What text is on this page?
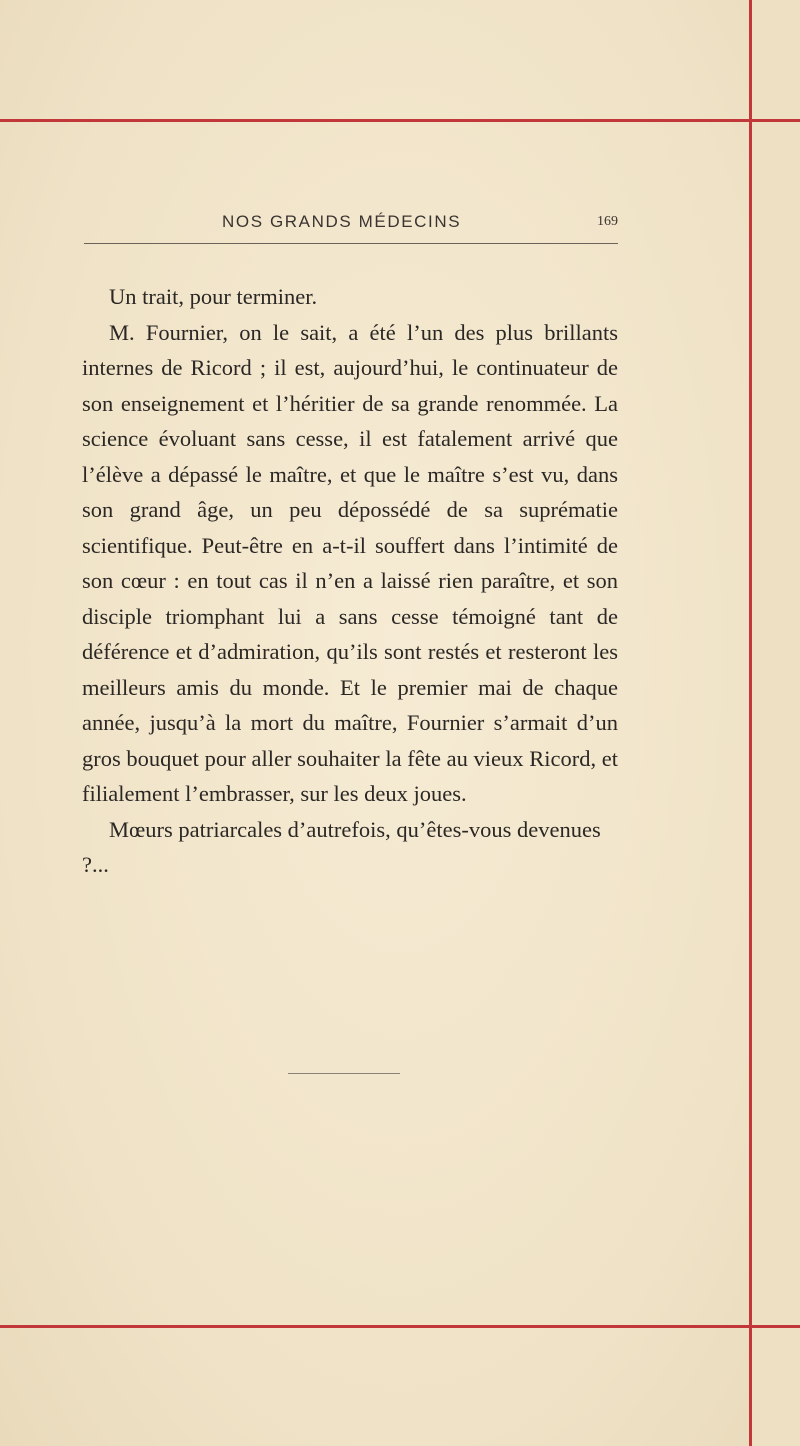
NOS GRANDS MÉDECINS	169

Un trait, pour terminer.

M. Fournier, on le sait, a été l’un des plus brillants internes de Ricord ; il est, aujourd’hui, le continuateur de son enseignement et l’héritier de sa grande renommée. La science évoluant sans cesse, il est fatalement arrivé que l’élève a dépassé le maître, et que le maître s’est vu, dans son grand âge, un peu dépossédé de sa suprématie scientifique. Peut-être en a-t-il souffert dans l’intimité de son cœur : en tout cas il n’en a laissé rien paraître, et son disciple triomphant lui a sans cesse témoigné tant de déférence et d’admiration, qu’ils sont restés et resteront les meilleurs amis du monde. Et le premier mai de chaque année, jusqu’à la mort du maître, Fournier s’armait d’un gros bouquet pour aller souhaiter la fête au vieux Ricord, et filialement l’embrasser, sur les deux joues.

Mœurs patriarcales d’autrefois, qu’êtes-vous devenues ?...
